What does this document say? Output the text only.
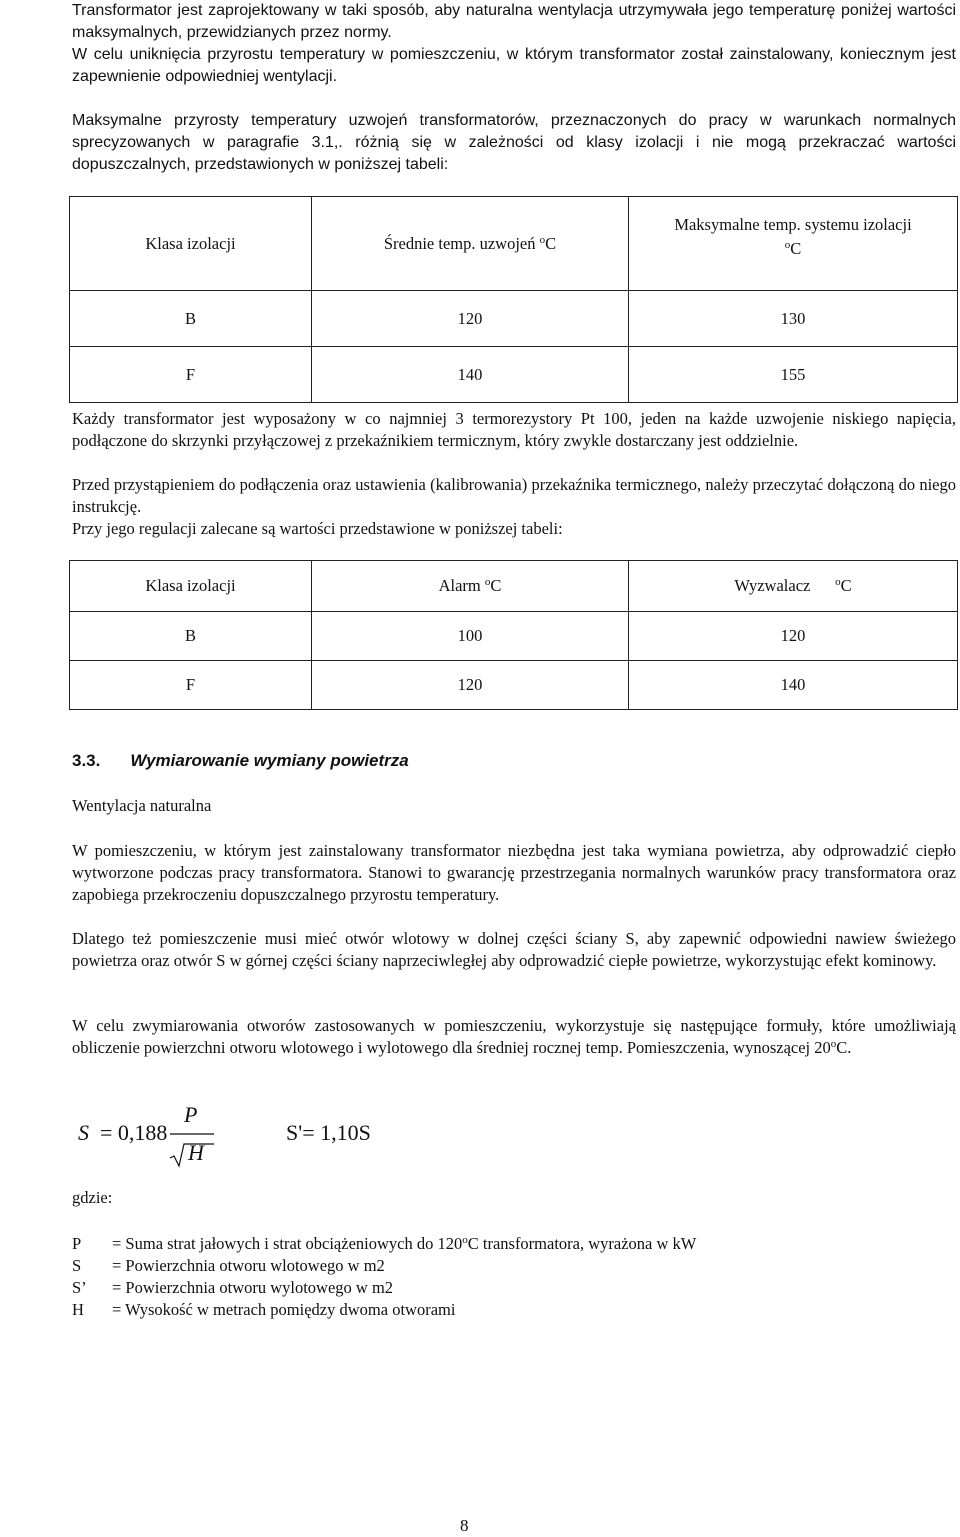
Transformator jest zaprojektowany w taki sposób, aby naturalna wentylacja utrzymywała jego temperaturę poniżej wartości maksymalnych, przewidzianych przez normy.
W celu uniknięcia przyrostu temperatury w pomieszczeniu, w którym transformator został zainstalowany, koniecznym jest zapewnienie odpowiedniej wentylacji.

Maksymalne przyrosty temperatury uzwojeń transformatorów, przeznaczonych do pracy w warunkach normalnych sprecyzowanych w paragrafie 3.1,. różnią się w zależności od klasy izolacji i nie mogą przekraczać wartości dopuszczalnych, przedstawionych w poniższej tabeli:

Klasa izolacji	Średnie temp. uzwojeń $^o$C	Maksymalne temp. systemu izolacji
$^o$C
B	120	130
F	140	155

Każdy transformator jest wyposażony w co najmniej 3 termorezystory Pt 100, jeden na każde uzwojenie niskiego napięcia, podłączone do skrzynki przyłączowej z przekaźnikiem termicznym, który zwykle dostarczany jest oddzielnie.

Przed przystąpieniem do podłączenia oraz ustawienia (kalibrowania) przekaźnika termicznego, należy przeczytać dołączoną do niego instrukcję.

Przy jego regulacji zalecane są wartości przedstawione w poniższej tabeli:

Klasa izolacji	Alarm $^o$C	Wyzwalacz $^o$C
B	100	120
F	120	140
3.3. Wymiarowanie wymiany powietrza
Wentylacja naturalna

W pomieszczeniu, w którym jest zainstalowany transformator niezbędna jest taka wymiana powietrza, aby odprowadzić ciepło wytworzone podczas pracy transformatora. Stanowi to gwarancję przestrzegania normalnych warunków pracy transformatora oraz zapobiega przekroczeniu dopuszczalnego przyrostu temperatury.

Dlatego też pomieszczenie musi mieć otwór wlotowy w dolnej części ściany S, aby zapewnić odpowiedni nawiew świeżego powietrza oraz otwór S w górnej części ściany naprzeciwległej aby odprowadzić ciepłe powietrze, wykorzystując efekt kominowy.

W celu zwymiarowania otworów zastosowanych w pomieszczeniu, wykorzystuje się następujące formuły, które umożliwiają obliczenie powierzchni otworu wlotowego i wylotowego dla średniej rocznej temp. Pomieszczenia, wynoszącej 20$^o$C.

S = 0,188
P
H
S'= 1,10S
gdzie:
P	= Suma strat jałowych i strat obciążeniowych do 120$^o$C transformatora, wyrażona w kW
S	= Powierzchnia otworu wlotowego w m2
S’	= Powierzchnia otworu wylotowego w m2
H	= Wysokość w metrach pomiędzy dwoma otworami
8
